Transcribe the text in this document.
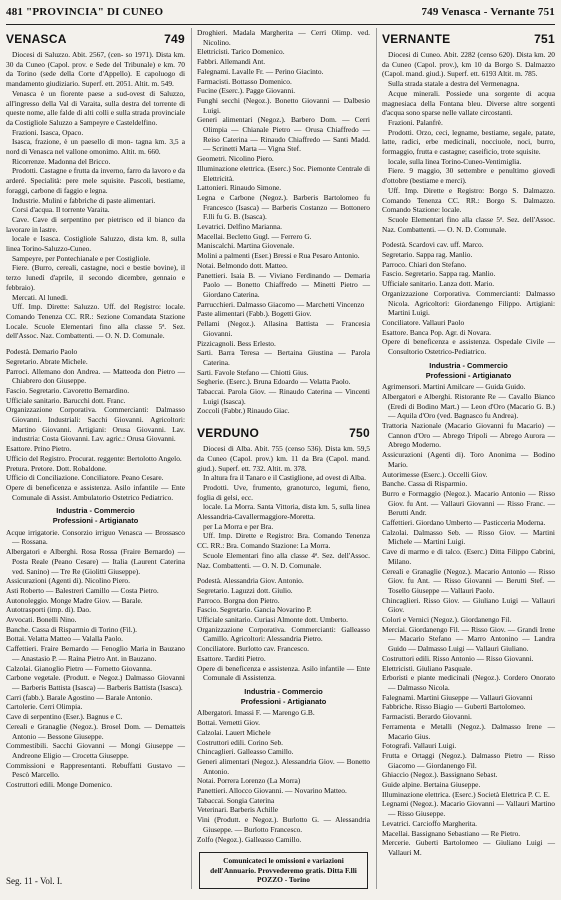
481 "PROVINCIA" DI CUNEO	749 Venasca - Vernante 751
VENASCA	749

Diocesi di Saluzzo. Abit. 2567, (cen- so 1971). Dista km. 30 da Cuneo (Capol. prov. e Sede del Tribunale) e km. 70 da Torino (sede della Corte d'Appello). E capoluogo di mandamento giudiziario. Superf. ett. 2051. Altit. m. 549.

Venasca è un fiorente paese a sud-ovest di Saluzzo, all'ingresso della Val di Varaita, sulla destra del torrente di queste nome, alle falde di alti colli e sulla strada provinciale da Costigliole Saluzzo a Sampeyre e Casteldelfino.

Frazioni. Isasca, Opaco.

Isasca, frazione, è un paesello di mon- tagna km. 3,5 a nord di Venasca nel vallone omonimo. Altit. m. 660.

Ricorrenze. Madonna del Bricco.

Prodotti. Castagne e frutta da inverno, farro da lavoro e da arderé. Specialità: pere mele squisite. Pascoli, bestiame, foraggi, carbone di faggio e legna.

Industrie. Mulini e fabbriche di paste alimentari.

Corsi d'acqua. Il torrente Varaita.

Cave. Cave di serpentino per pietrisco ed il bianco da lavorare in lastre.

locale e Isasca. Costigliole Saluzzo, dista km. 8, sulla linea Torino-Saluzzo-Cuneo.

Sampeyre, per Pontechianale e per Costigliole.

Fiere. (Burro, cereali, castagne, noci e bestie bovine), il terzo lunedì d'aprile, il secondo dicembre, gennaio e febbraio).

Mercati. Al lunedì.

Uff. Imp. Dirette: Saluzzo. Uff. del Registro: locale. Comando Tenenza CC. RR.: Sezione Comandata Stazione Locale. Scuole Elementari fino alla classe 5ª. Sez. dell'Assoc. Naz. Combattenti. — O. N. D. Comunale.

Podestà. Demario Paolo

Segretario. Abrate Michele.

Parroci. Allemano don Andrea. — Matteoda don Pietro — Chiabrero don Giuseppe.

Fascio. Segretario. Cavoretto Bernardino.

Ufficiale sanitario. Barucchi dott. Franc.

Organizzazione Corporativa. Commercianti: Dalmasso Giovanni. Industriali: Sacchi Giovanni. Agricoltori: Martino Giovanni. Artigiani: Orusa Giovanni. Lav. industria: Costa Giovanni. Lav. agric.: Orusa Giovanni.

Esattore. Prino Pietro.

Ufficio del Registro. Procurat. reggente: Bertolotto Angelo.

Pretura. Pretore. Dott. Robaldone.

Ufficio di Conciliazione. Conciliatore. Peano Cesare.

Opere di beneficenza e assistenza. Asilo infantile — Ente Comunale di Assist. Ambulatorio Ostetrico Pediatrico.

Industria - Commercio
Professioni - Artigianato

Acque irrigatorie. Consorzio irriguo Venasca — Brossasco — Rossana.

Albergatori e Alberghi. Rosa Rossa (Fraire Bernardo) — Posta Reale (Peano Cesare) — Italia (Laurent Caterina ved. Sanino) — Tre Re (Giolitti Giuseppe).

Assicurazioni (Agenti di). Nicolino Piero.

Asti Roberto — Balestreri Camillo — Costa Pietro.

Autonoleggio. Monge Madre Giov. — Barale.

Autotrasporti (imp. di). Dao.

Avvocati. Bonelli Nino.

Banche. Cassa di Risparmio di Torino (Fil.).

Bottai. Velatta Matteo — Valalla Paolo.

Caffettieri. Fraire Bernardo — Fenoglio Maria in Bauzano — Anastasio P. — Raina Pietro Ant. in Bauzano.

Calzolai. Gianoglio Pietro — Fornetto Giovanna.

Carbone vegetale. (Produtt. e Negoz.) Dalmasso Giovanni — Barberis Battista (Isasca) — Barberis Battista (Isasca).

Carri (fabb.). Barale Agostino — Barale Antonio.

Cartolerie. Cerri Olimpia.

Cave di serpentino (Eser.). Bagnus e C.

Cereali e Granaglie (Negoz.). Brosel Dom. — Dematteis Antonio — Bessone Giuseppe.

Commestibili. Sacchi Giovanni — Mongi Giuseppe — Andreone Eligio — Crocetta Giuseppe.

Commissioni e Rappresentanti. Rebuffatti Gustavo — Pescò Marcello.

Costruttori edili. Monge Domenico.

Droghieri. Madala Margherita — Cerri Olimp. ved. Nicolino.

Elettricisti. Tarico Domenico.

Fabbri. Allemandi Ant.

Falegnami. Lavalle Fr. — Perino Giacinto.

Farmacisti. Bottasso Domenico.

Fucine (Eserc.). Pagge Giovanni.

Funghi secchi (Negoz.). Bonetto Giovanni — Dalbesio Luigi.

Generi alimentari (Negoz.). Barbero Dom. — Cerri Olimpia — Chianale Pietro — Orusa Chiaffredo — Reiso Caterina — Rinaudo Chiaffredo — Santi Madd. — Scrinetti Marta — Vigna Stef.

Geometri. Nicolino Piero.

Illuminazione elettrica. (Eserc.) Soc. Piemonte Centrale di Elettricità.

Lattonieri. Rinaudo Simone.

Legna e Carbone (Negoz.). Barberis Bartolomeo fu Francesco (Isasca) — Barberis Costanzo — Bottonero F.lli fu G. B. (Isasca).

Levatrici. Delfino Marianna.

Macellai. Becletto Gugl. — Ferrero G.

Maniscalchi. Martina Giovenale.

Molini a palmenti (Eser.) Bressi e Rua Pesaro Antonio.

Notai. Belmondo dott. Matteo.

Panettieri. Isaia B. — Viviano Ferdinando — Demaria Paolo — Bonetto Chiaffredo — Minetti Pietro — Giordano Caterina.

Parrucchieri. Dalmasso Giacomo — Marchetti Vincenzo

Paste alimentari (Fabb.). Bogetti Giov.

Pellami (Negoz.). Allasina Battista — Francesia Giovanni.

Pizzicagnoli. Bess Erlesto.

Sarti. Barra Teresa — Bertaina Giustina — Parola Caterina.

Sarti. Favole Stefano — Chiotti Gius.

Segherie. (Eserc.). Bruna Edoardo — Velatta Paolo.

Tabaccai. Parola Giov. — Rinaudo Caterina — Vincenti Luigi (Isasca).

Zoccoli (Fabbr.) Rinaudo Giac.

VERDUNO	750

Diocesi di Alba. Abit. 755 (censo 536). Dista km. 59,5 da Cuneo (Capol. prov.) km. 11 da Bra (Capol. mand. giud.). Superf. ett. 732. Altit. m. 378.

In altura fra il Tanaro e il Castiglione, ad ovest di Alba.

Prodotti. Uve, frumento, granoturco, legumi, fieno, foglia di gelsi, ecc.

locale. La Morra. Santa Vittoria, dista km. 5, sulla linea Alessandria-Cavallermaggiore-Moretta.

per La Morra e per Bra.

Uff. Imp. Dirette e Registro: Bra. Comando Tenenza CC. RR.: Bra. Comando Stazione: La Morra.

Scuole Elementari fino alla classe 4ª. Sez. dell'Assoc. Naz. Combattenti. — O. N. D. Comunale.

Podestà. Alessandria Giov. Antonio.

Segretario. Laguzzi dott. Giulio.

Parroco. Borgna don Pietro.

Fascio. Segretario. Gancia Novarino P.

Ufficiale sanitario. Curiasi Almonte dott. Umberto.

Organizzazione Corporativa. Commercianti: Galleasso Camillo. Agricoltori: Alessandria Pietro.

Conciliatore. Burlotto cav. Francesco.

Esattore. Tarditi Pietro.

Opere di beneficenza e assistenza. Asilo infantile — Ente Comunale di Assistenza.

Industria - Commercio
Professioni - Artigianato

Albergatori. Imassi F. — Marengo G.B.

Bottai. Vernetti Giov.

Calzolai. Lauert Michele

Costruttori edili. Corino Seb.

Chincaglieri. Galleasso Camillo.

Generi alimentari (Negoz.). Alessandria Giov. — Bonetto Antonio.

Notai. Porrera Lorenzo (La Morra)

Panettieri. Allocco Giovanni. — Novarino Matteo.

Tabaccai. Songia Caterina

Veterinari. Barberis Achille

Vini (Produtt. e Negoz.). Burlotto G. — Alessandria Giuseppe. — Burlotto Francesco.

Zolfo (Negoz.). Galleasso Camillo.

Comunicateci le omissioni e variazioni dell'Annuario. Provvederemo gratis. Ditta F.lli POZZO - Torino
VERNANTE	751

Diocesi di Cuneo. Abit. 2282 (censo 620). Dista km. 20 da Cuneo (Capol. prov.), km 10 da Borgo S. Dalmazzo (Capol. mand. giud.). Superf. ett. 6193 Altit. m. 785.

Sulla strada statale a destra del Vermenagna.

Acque minerali. Possiede una sorgente di acqua magnesiaca della Fontana bleu. Diverse altre sorgenti d'acqua sono sparse nelle vallate circostanti.

Frazioni. Palanfrè.

Prodotti. Orzo, ceci, legname, bestiame, segale, patate, latte, radici, erbe medicinali, nocciuole, noci, burro, formaggio, frutta e castagne; caseificio, trote squisite.

locale, sulla linea Torino-Cuneo-Ventimiglia.

Fiere. 9 maggio, 30 settembre e penultimo giovedì d'ottobre (bestiame e merci).

Uff. Imp. Dirette e Registro: Borgo S. Dalmazzo. Comando Tenenza CC. RR.: Borgo S. Dalmazzo. Comando Stazione: locale.

Scuole Elementari fino alla classe 5ª. Sez. dell'Assoc. Naz. Combattenti. — O. N. D. Comunale.

Podestà. Scardovi cav. uff. Marco.

Segretario. Sappa rag. Manlio.

Parroco. Chiari don Stefano.

Fascio. Segretario. Sappa rag. Manlio.

Ufficiale sanitario. Lanza dott. Mario.

Organizzazione Corporativa. Commercianti: Dalmasso Nicola. Agricoltori: Giordanengo Filippo. Artigiani: Martini Luigi.

Conciliatore. Vallauri Paolo

Esattore. Banca Pop. Agr. di Novara.

Opere di beneficenza e assistenza. Ospedale Civile — Consultorio Ostetrico-Pediatrico.

Industria - Commercio
Professioni - Artigianato

Agrimensori. Martini Amilcare — Guida Guido.

Albergatori e Alberghi. Ristorante Re — Cavallo Bianco (Eredi di Bodino Mart.) — Leon d'Oro (Macario G. B.) — Aquila d'Oro (ved. Bagnasco fu Andrea).

Trattoria Nazionale (Macario Giovanni fu Macario) — Cannon d'Oro — Abrego Tripoli — Abrego Aurora — Abrego Moderno.

Assicurazioni (Agenti di). Toro Anonima — Bodino Mario.

Autorimesse (Eserc.). Occelli Giov.

Banche. Cassa di Risparmio.

Burro e Formaggio (Negoz.). Macario Antonio — Risso Giov. fu Ant. — Vallauri Giovanni — Risso Franc. — Berutti Andr.

Caffettieri. Giordano Umberto — Pasticceria Moderna.

Calzolai. Dalmasso Seb. — Risso Giov. — Martini Michele — Martini Luigi.

Cave di marmo e di talco. (Eserc.) Ditta Filippo Cabrini, Milano.

Cereali e Granaglie (Negoz.). Macario Antonio — Risso Giov. fu Ant. — Risso Giovanni — Berutti Stef. — Tosello Giuseppe — Vallauri Paolo.

Chincaglieri. Risso Giov. — Giuliano Luigi — Vallauri Giov.

Colori e Vernici (Negoz.). Giordanengo Fil.

Merciai. Giordanengo Fil. — Risso Giov. — Grandi Irene — Macario Stefano — Marro Antonino — Landra Guido — Dalmasso Luigi — Vallauri Giuliano.

Costruttori edili. Risso Antonio — Risso Giovanni.

Elettricisti. Giuliano Pasquale.

Erboristi e piante medicinali (Negoz.). Cordero Onorato — Dalmasso Nicola.

Falegnami. Martini Giuseppe — Vallauri Giovanni

Fabbriche. Risso Biagio — Guberti Bartolomeo.

Farmacisti. Berardo Giovanni.

Ferramenta e Metalli (Negoz.). Dalmasso Irene — Macario Gius.

Fotografi. Vallauri Luigi.

Frutta e Ortaggi (Negoz.). Dalmasso Pietro — Risso Giacomo — Giordanengo Fil.

Ghiaccio (Negoz.). Bassignano Sebast.

Guide alpine. Bertaina Giuseppe.

Illuminazione elettrica. (Eserc.) Società Elettrica P. C. E.

Legnami (Negoz.). Macario Giovanni — Vallauri Martino — Risso Giuseppe.

Levatrici. Carcioffo Margherita.

Macellai. Bassignano Sebastiano — Re Pietro.

Mercerie. Guberti Bartolomeo — Giuliano Luigi — Vallauri M.

Seg. 11 - Vol. I.
